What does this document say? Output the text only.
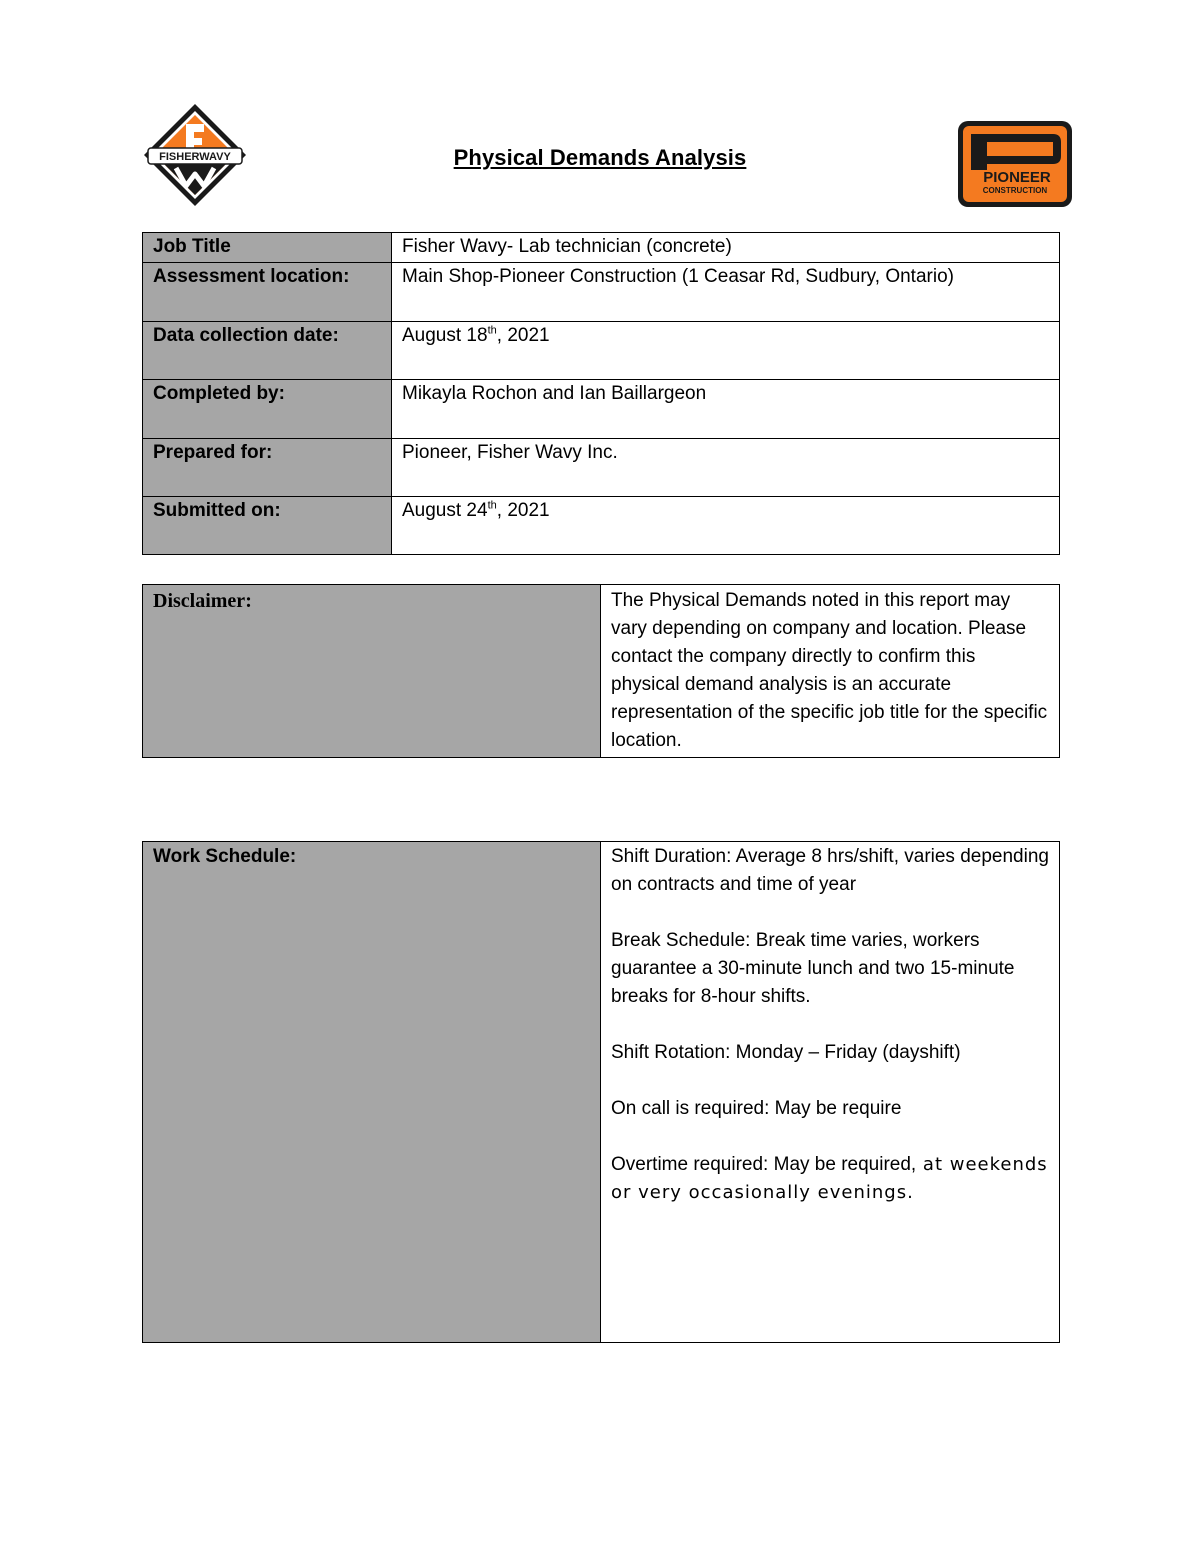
FISHERWAVY	Physical Demands Analysis
PIONEER
CONSTRUCTION
Job Title	Fisher Wavy- Lab technician (concrete)
Assessment location:	Main Shop-Pioneer Construction (1 Ceasar Rd, Sudbury, Ontario)
Data collection date:	August 18th, 2021
Completed by:	Mikayla Rochon and Ian Baillargeon
Prepared for:	Pioneer, Fisher Wavy Inc.
Submitted on:	August 24th, 2021
Disclaimer:	The Physical Demands noted in this report may vary depending on company and location. Please contact the company directly to confirm this physical demand analysis is an accurate representation of the specific job title for the specific location.
Work Schedule:	Shift Duration: Average 8 hrs/shift, varies depending on contracts and time of year
Break Schedule: Break time varies, workers guarantee a 30-minute lunch and two 15-minute breaks for 8-hour shifts.
Shift Rotation: Monday – Friday (dayshift)
On call is required: May be require
Overtime required: May be required, at weekends or very occasionally evenings.
